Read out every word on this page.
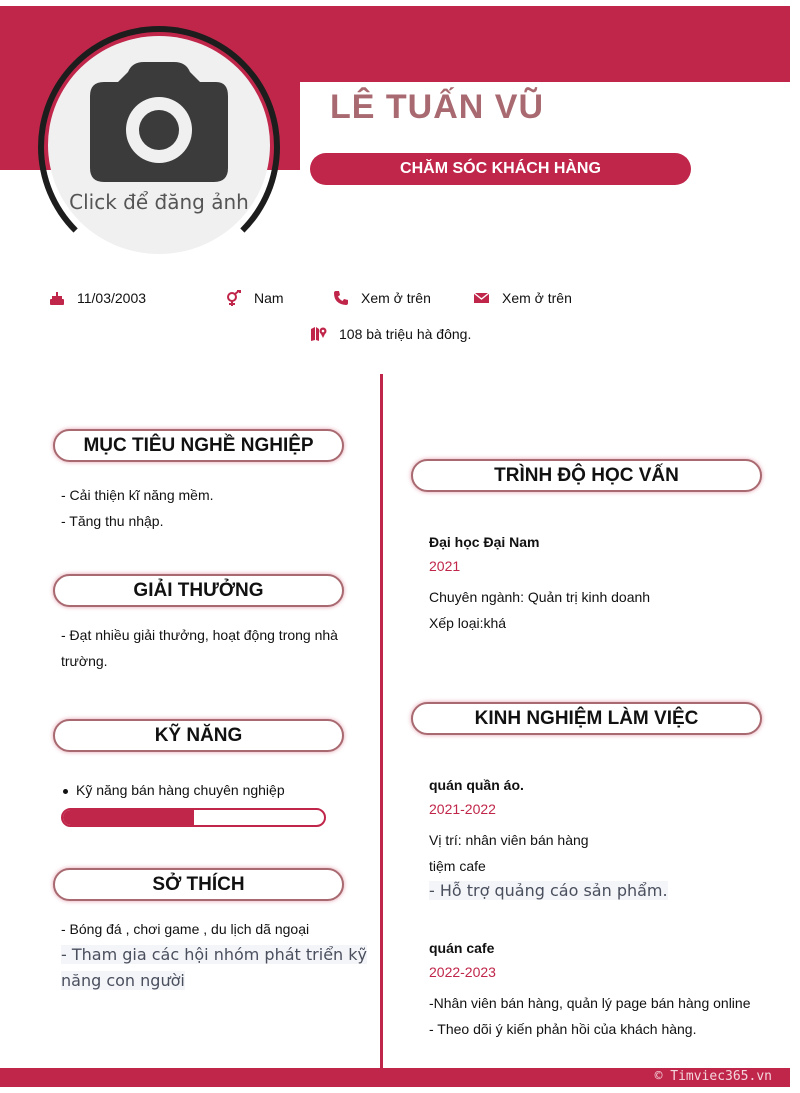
Click để đăng ảnh
LÊ TUẤN VŨ
CHĂM SÓC KHÁCH HÀNG
11/03/2003	Nam	Xem ở trên	Xem ở trên
108 bà triệu hà đông.
MỤC TIÊU NGHỀ NGHIỆP
- Cải thiện kĩ năng mềm.
- Tăng thu nhập.
GIẢI THƯỞNG
- Đạt nhiều giải thưởng, hoạt động trong nhà
trường.
KỸ NĂNG
Kỹ năng bán hàng chuyên nghiệp
SỞ THÍCH
- Bóng đá , chơi game , du lịch dã ngoại
- Tham gia các hội nhóm phát triển kỹ
năng con người
TRÌNH ĐỘ HỌC VẤN
Đại học Đại Nam
2021
Chuyên ngành: Quản trị kinh doanh
Xếp loại:khá
KINH NGHIỆM LÀM VIỆC
quán quần áo.
2021-2022
Vị trí: nhân viên bán hàng
tiệm cafe
- Hỗ trợ quảng cáo sản phẩm.
quán cafe
2022-2023
-Nhân viên bán hàng, quản lý page bán hàng online
- Theo dõi ý kiến phản hồi của khách hàng.
© Timviec365.vn
